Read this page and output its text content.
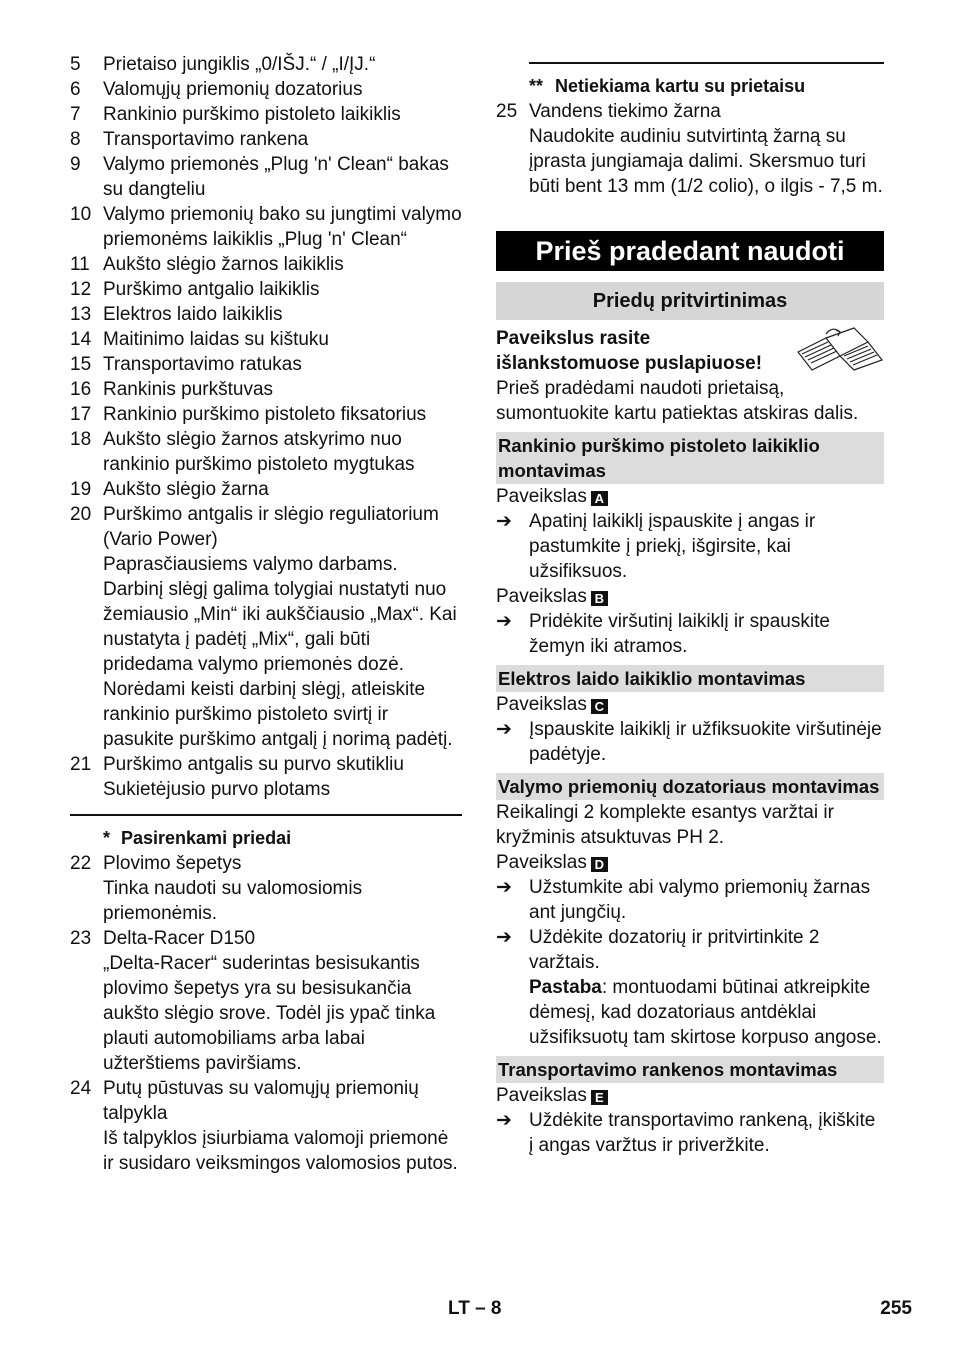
5	Prietaiso jungiklis „0/IŠJ.“ / „I/ĮJ.“

6	Valomųjų priemonių dozatorius

7	Rankinio purškimo pistoleto laikiklis

8	Transportavimo rankena

9	Valymo priemonės „Plug 'n' Clean“ bakas su dangteliu

10 Valymo priemonių bako su jungtimi valymo priemonėms laikiklis „Plug 'n' Clean“

11 Aukšto slėgio žarnos laikiklis

12 Purškimo antgalio laikiklis

13 Elektros laido laikiklis

14 Maitinimo laidas su kištuku

15 Transportavimo ratukas

16 Rankinis purkštuvas

17 Rankinio purškimo pistoleto fiksatorius

18 Aukšto slėgio žarnos atskyrimo nuo rankinio purškimo pistoleto mygtukas

19 Aukšto slėgio žarna

20 Purškimo antgalis ir slėgio reguliatorium (Vario Power)

Paprasčiausiems valymo darbams. Darbinį slėgį galima tolygiai nustatyti nuo žemiausio „Min“ iki aukščiausio „Max“. Kai nustatyta į padėtį „Mix“, gali būti pridedama valymo priemonės dozė.

Norėdami keisti darbinį slėgį, atleiskite rankinio purškimo pistoleto svirtį ir pasukite purškimo antgalį į norimą padėtį.

21 Purškimo antgalis su purvo skutikliu

Sukietėjusio purvo plotams

* Pasirenkami priedai
22 Plovimo šepetys

Tinka naudoti su valomosiomis priemonėmis.

23 Delta-Racer D150

„Delta-Racer“ suderintas besisukantis plovimo šepetys yra su besisukančia aukšto slėgio srove. Todėl jis ypač tinka plauti automobiliams arba labai užterštiems paviršiams.

24 Putų pūstuvas su valomųjų priemonių talpykla

Iš talpyklos įsiurbiama valomoji priemonė ir susidaro veiksmingos valomosios putos.

** Netiekiama kartu su prietaisu
25 Vandens tiekimo žarna

Naudokite audiniu sutvirtintą žarną su įprasta jungiamaja dalimi. Skersmuo turi būti bent 13 mm (1/2 colio), o ilgis - 7,5 m.

Prieš pradedant naudoti
Priedų pritvirtinimas

Paveikslus rasite išlankstomuose puslapiuose!

Prieš pradėdami naudoti prietaisą, sumontuokite kartu patiektas atskiras dalis.

Rankinio purškimo pistoleto laikiklio montavimas

Paveikslas A

➔ Apatinį laikiklį įspauskite į angas ir pastumkite į priekį, išgirsite, kai užsifiksuos.

Paveikslas B

➔ Pridėkite viršutinį laikiklį ir spauskite žemyn iki atramos.
Elektros laido laikiklio montavimas

Paveikslas C

➔ Įspauskite laikiklį ir užfiksuokite viršutinėje padėtyje.
Valymo priemonių dozatoriaus montavimas

Reikalingi 2 komplekte esantys varžtai ir kryžminis atsuktuvas PH 2.

Paveikslas D

➔ Užstumkite abi valymo priemonių žarnas ant jungčių.
➔ Uždėkite dozatorių ir pritvirtinkite 2 varžtais.

Pastaba: montuodami būtinai atkreipkite dėmesį, kad dozatoriaus antdėklai užsifiksuotų tam skirtose korpuso angose.

Transportavimo rankenos montavimas

Paveikslas E

➔ Uždėkite transportavimo rankeną, įkiškite į angas varžtus ir priveržkite.
LT – 8	255
